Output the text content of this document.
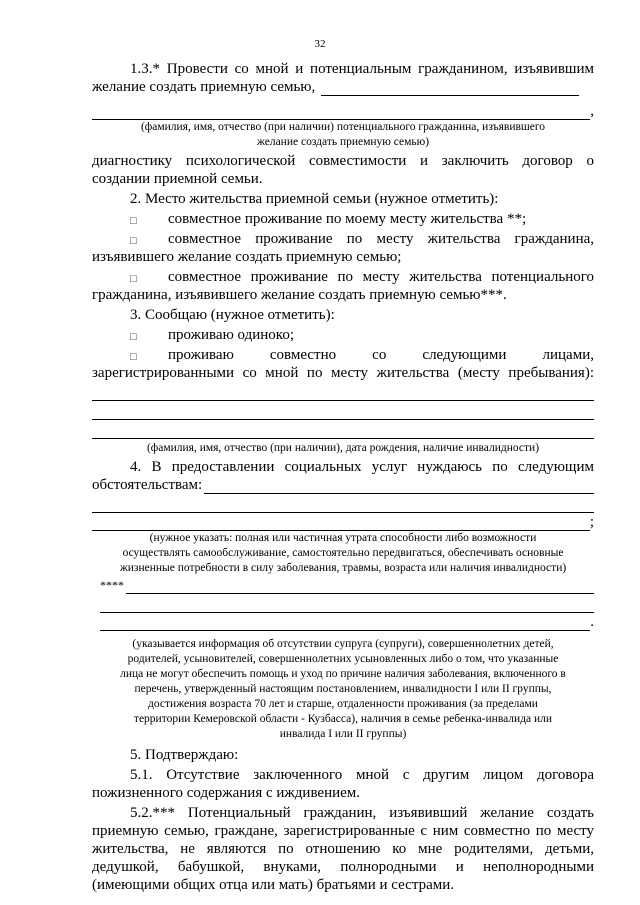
32

1.3.* Провести со мной и потенциальным гражданином, изъявившим

желание создать приемную семью,
,

(фамилия, имя, отчество (при наличии) потенциального гражданина, изъявившего

желание создать приемную семью)

диагностику психологической совместимости и заключить договор о

создании приемной семьи.

2. Место жительства приемной семьи (нужное отметить):

□ совместное проживание по моему месту жительства **;
□ совместное проживание по месту жительства гражданина,

изъявившего желание создать приемную семью;

□ совместное проживание по месту жительства потенциального

гражданина, изъявившего желание создать приемную семью***.

3. Сообщаю (нужное отметить):

□ проживаю одиноко;
□ проживаю совместно со следующими лицами,

зарегистрированными со мной по месту жительства (месту пребывания):

(фамилия, имя, отчество (при наличии), дата рождения, наличие инвалидности)

4. В предоставлении социальных услуг нуждаюсь по следующим

обстоятельствам:
;

(нужное указать: полная или частичная утрата способности либо возможности

осуществлять самообслуживание, самостоятельно передвигаться, обеспечивать основные

жизненные потребности в силу заболевания, травмы, возраста или наличия инвалидности)

****
.

(указывается информация об отсутствии супруга (супруги), совершеннолетних детей,

родителей, усыновителей, совершеннолетних усыновленных либо о том, что указанные

лица не могут обеспечить помощь и уход по причине наличия заболевания, включенного в

перечень, утвержденный настоящим постановлением, инвалидности I или II группы,

достижения возраста 70 лет и старше, отдаленности проживания (за пределами

территории Кемеровской области - Кузбасса), наличия в семье ребенка-инвалида или

инвалида I или II группы)

5. Подтверждаю:

5.1. Отсутствие заключенного мной с другим лицом договора

пожизненного содержания с иждивением.

5.2.*** Потенциальный гражданин, изъявивший желание создать

приемную семью, граждане, зарегистрированные с ним совместно по месту

жительства, не являются по отношению ко мне родителями, детьми,

дедушкой, бабушкой, внуками, полнородными и неполнородными

(имеющими общих отца или мать) братьями и сестрами.
